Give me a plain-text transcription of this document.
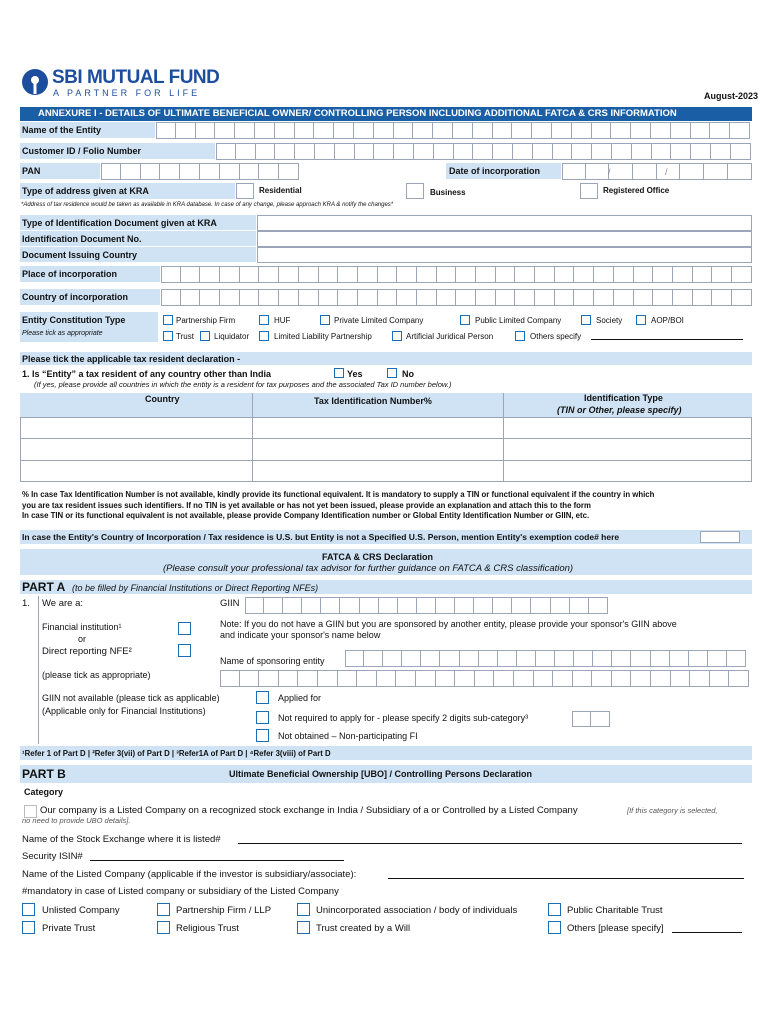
SBI MUTUAL FUND
A PARTNER FOR LIFE	August-2023
ANNEXURE I - DETAILS OF ULTIMATE BENEFICIAL OWNER/ CONTROLLING PERSON INCLUDING ADDITIONAL FATCA & CRS INFORMATION
Name of the Entity
Customer ID / Folio Number
PAN	Date of incorporation	/	/
Type of address given at KRA	Residential	Business	Registered Office
*Address of tax residence would be taken as available in KRA database. In case of any change, please approach KRA & notify the changes*
Type of Identification Document given at KRA
Identification Document No.
Document Issuing Country
Place of incorporation
Country of incorporation
Entity Constitution Type
Please tick as appropriate
Partnership Firm	HUF	Private Limited Company	Public Limited Company	Society	AOP/BOI
Trust	Liquidator	Limited Liability Partnership	Artificial Juridical Person	Others specify
Please tick the applicable tax resident declaration -
1. Is “Entity” a tax resident of any country other than India	Yes	No
(If yes, please provide all countries in which the entity is a resident for tax purposes and the associated Tax ID number below.)
Country	Tax Identification Number%	Identification Type
(TIN or Other, please specify)
% In case Tax Identification Number is not available, kindly provide its functional equivalent. It is mandatory to supply a TIN or functional equivalent if the country in which
you are tax resident issues such identifiers. If no TIN is yet available or has not yet been issued, please provide an explanation and attach this to the form
In case TIN or its functional equivalent is not available, please provide Company Identification number or Global Entity Identification Number or GIIN, etc.
In case the Entity's Country of Incorporation / Tax residence is U.S. but Entity is not a Specified U.S. Person, mention Entity's exemption code# here
FATCA & CRS Declaration
(Please consult your professional tax advisor for further guidance on FATCA & CRS classification)
PART A (to be filled by Financial Institutions or Direct Reporting NFEs)
1. We are a:	GIIN
Financial institution¹
or
Direct reporting NFE²
Note: If you do not have a GIIN but you are sponsored by another entity, please provide your sponsor's GIIN above
and indicate your sponsor's name below
Name of sponsoring entity
(please tick as appropriate)
GIIN not available (please tick as applicable)
(Applicable only for Financial Institutions)
Applied for
Not required to apply for - please specify 2 digits sub-category³
Not obtained – Non-participating FI
¹Refer 1 of Part D | ²Refer 3(vii) of Part D | ³Refer1A of Part D | ⁴Refer 3(viii) of Part D
PART B	Ultimate Beneficial Ownership [UBO] / Controlling Persons Declaration
Category
Our company is a Listed Company on a recognized stock exchange in India / Subsidiary of a or Controlled by a Listed Company	[If this category is selected,
no need to provide UBO details].
Name of the Stock Exchange where it is listed#
Security ISIN#
Name of the Listed Company (applicable if the investor is subsidiary/associate):
#mandatory in case of Listed company or subsidiary of the Listed Company
Unlisted Company	Partnership Firm / LLP	Unincorporated association / body of individuals	Public Charitable Trust
Private Trust	Religious Trust	Trust created by a Will	Others [please specify]
